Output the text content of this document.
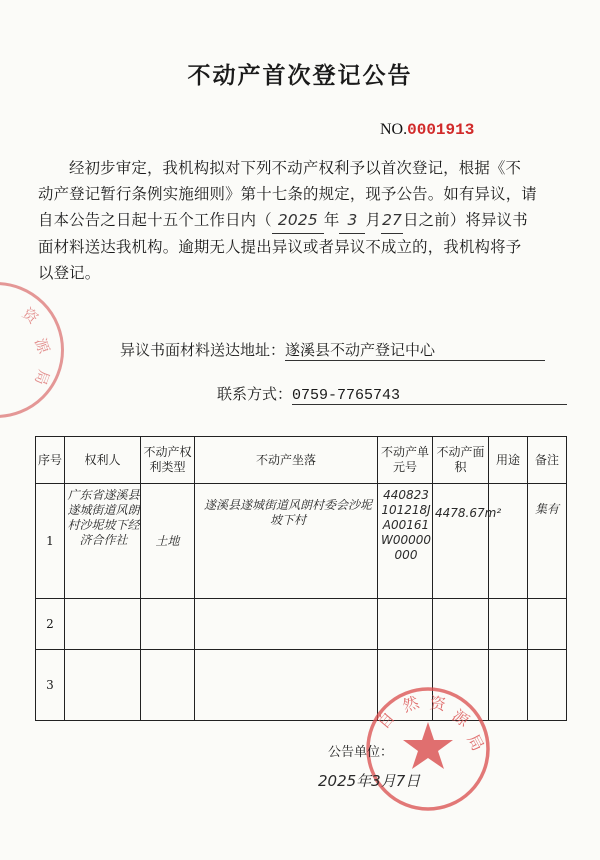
资
源
局
不动产首次登记公告
NO.0001913

经初步审定，我机构拟对下列不动产权利予以首次登记，根据《不

动产登记暂行条例实施细则》第十七条的规定，现予公告。如有异议，请

自本公告之日起十五个工作日内（ 2025 年 3 月27日之前）将异议书

面材料送达我机构。逾期无人提出异议或者异议不成立的，我机构将予

以登记。

异议书面材料送达地址：遂溪县不动产登记中心
联系方式：0759-7765743
序号	权利人	不动产权利类型	不动产坐落	不动产单元号	不动产面积	用途	备注
1	广东省遂溪县遂城街道风朗村沙坭坡下经济合作社	土地	遂溪县遂城街道风朗村委会沙坭坡下村	440823101218JA00161W00000000	4478.67m²		集有
2							
3							
自
然 资
源
局
公告单位：
2025年3月7日
